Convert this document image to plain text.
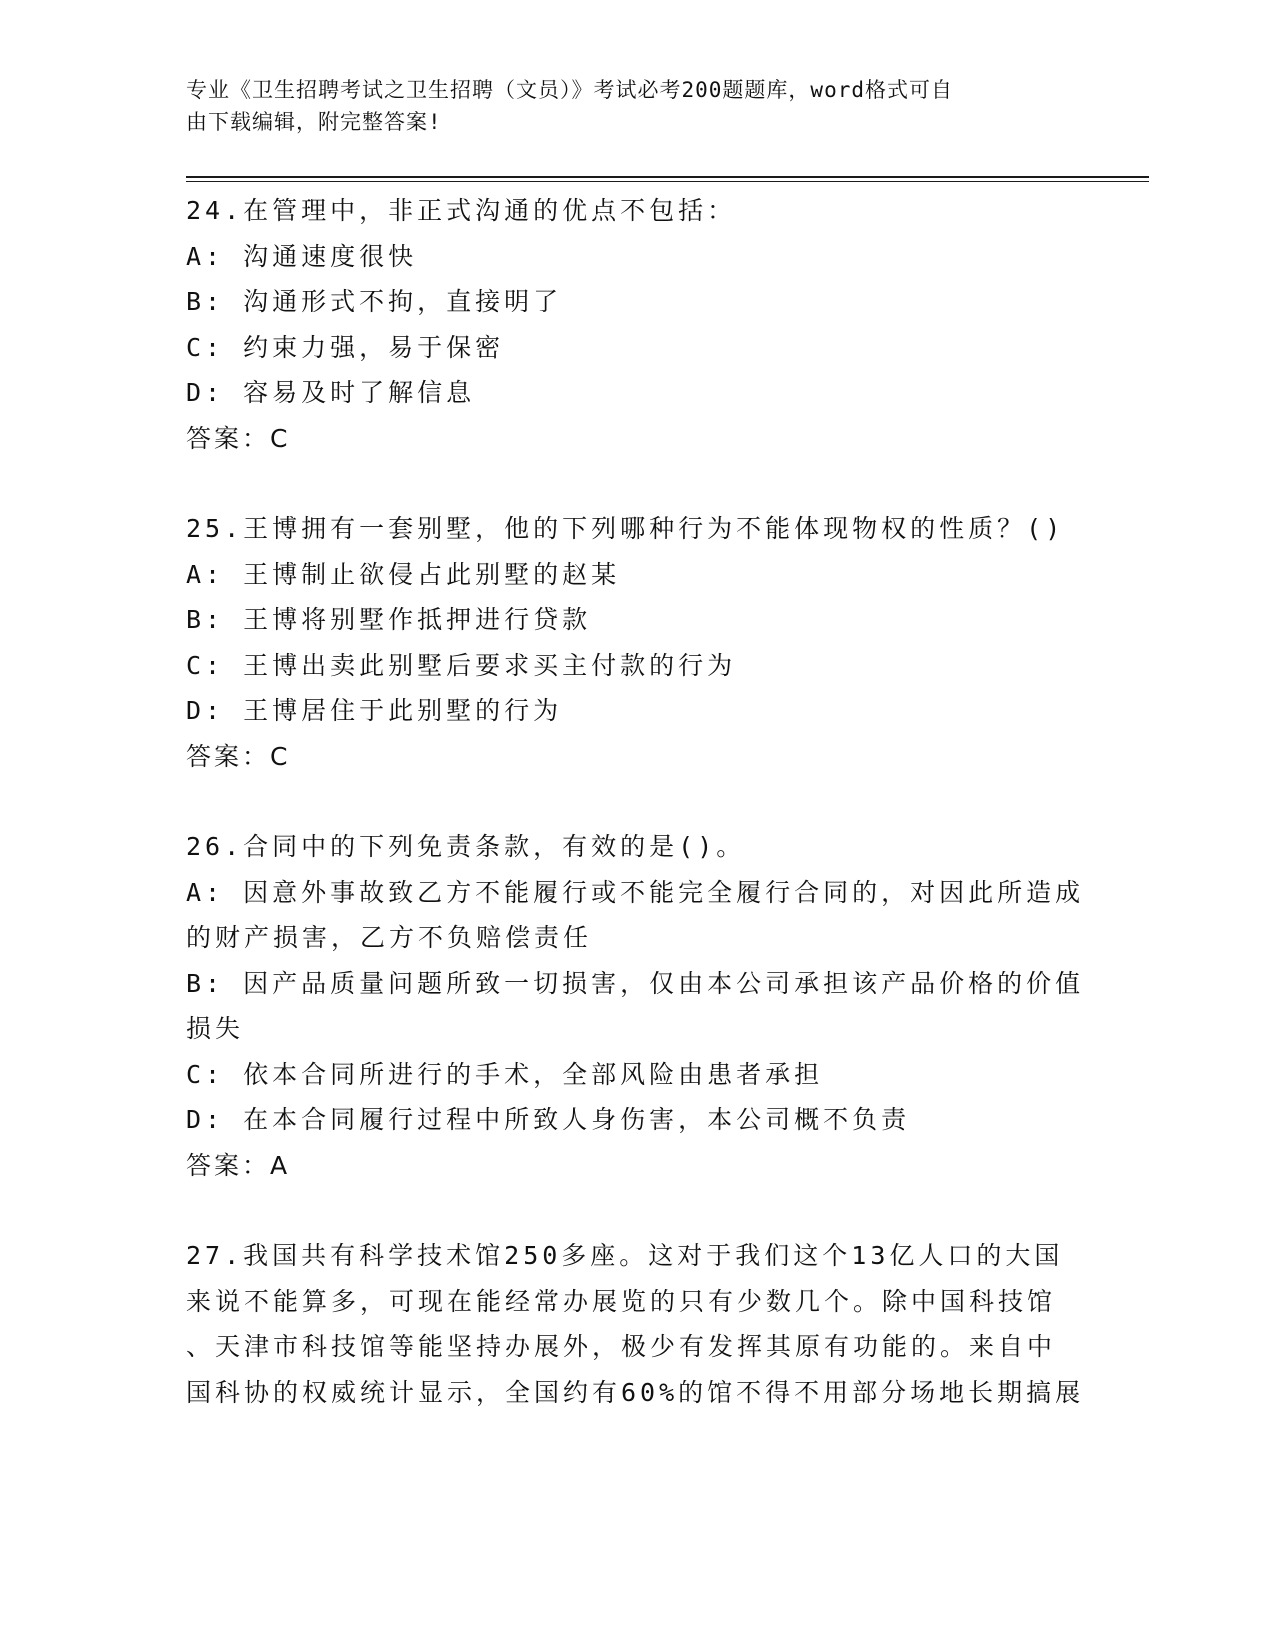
专业《卫生招聘考试之卫生招聘（文员）》考试必考200题题库，word格式可自
由下载编辑，附完整答案!
24.在管理中，非正式沟通的优点不包括：
A: 沟通速度很快
B: 沟通形式不拘，直接明了
C: 约束力强，易于保密
D: 容易及时了解信息
答案：C
25.王博拥有一套别墅，他的下列哪种行为不能体现物权的性质？()
A: 王博制止欲侵占此别墅的赵某
B: 王博将别墅作抵押进行贷款
C: 王博出卖此别墅后要求买主付款的行为
D: 王博居住于此别墅的行为
答案：C
26.合同中的下列免责条款，有效的是()。
A: 因意外事故致乙方不能履行或不能完全履行合同的，对因此所造成
的财产损害，乙方不负赔偿责任
B: 因产品质量问题所致一切损害，仅由本公司承担该产品价格的价值
损失
C: 依本合同所进行的手术，全部风险由患者承担
D: 在本合同履行过程中所致人身伤害，本公司概不负责
答案：A
27.我国共有科学技术馆250多座。这对于我们这个13亿人口的大国
来说不能算多，可现在能经常办展览的只有少数几个。除中国科技馆
、天津市科技馆等能坚持办展外，极少有发挥其原有功能的。来自中
国科协的权威统计显示，全国约有60%的馆不得不用部分场地长期搞展
